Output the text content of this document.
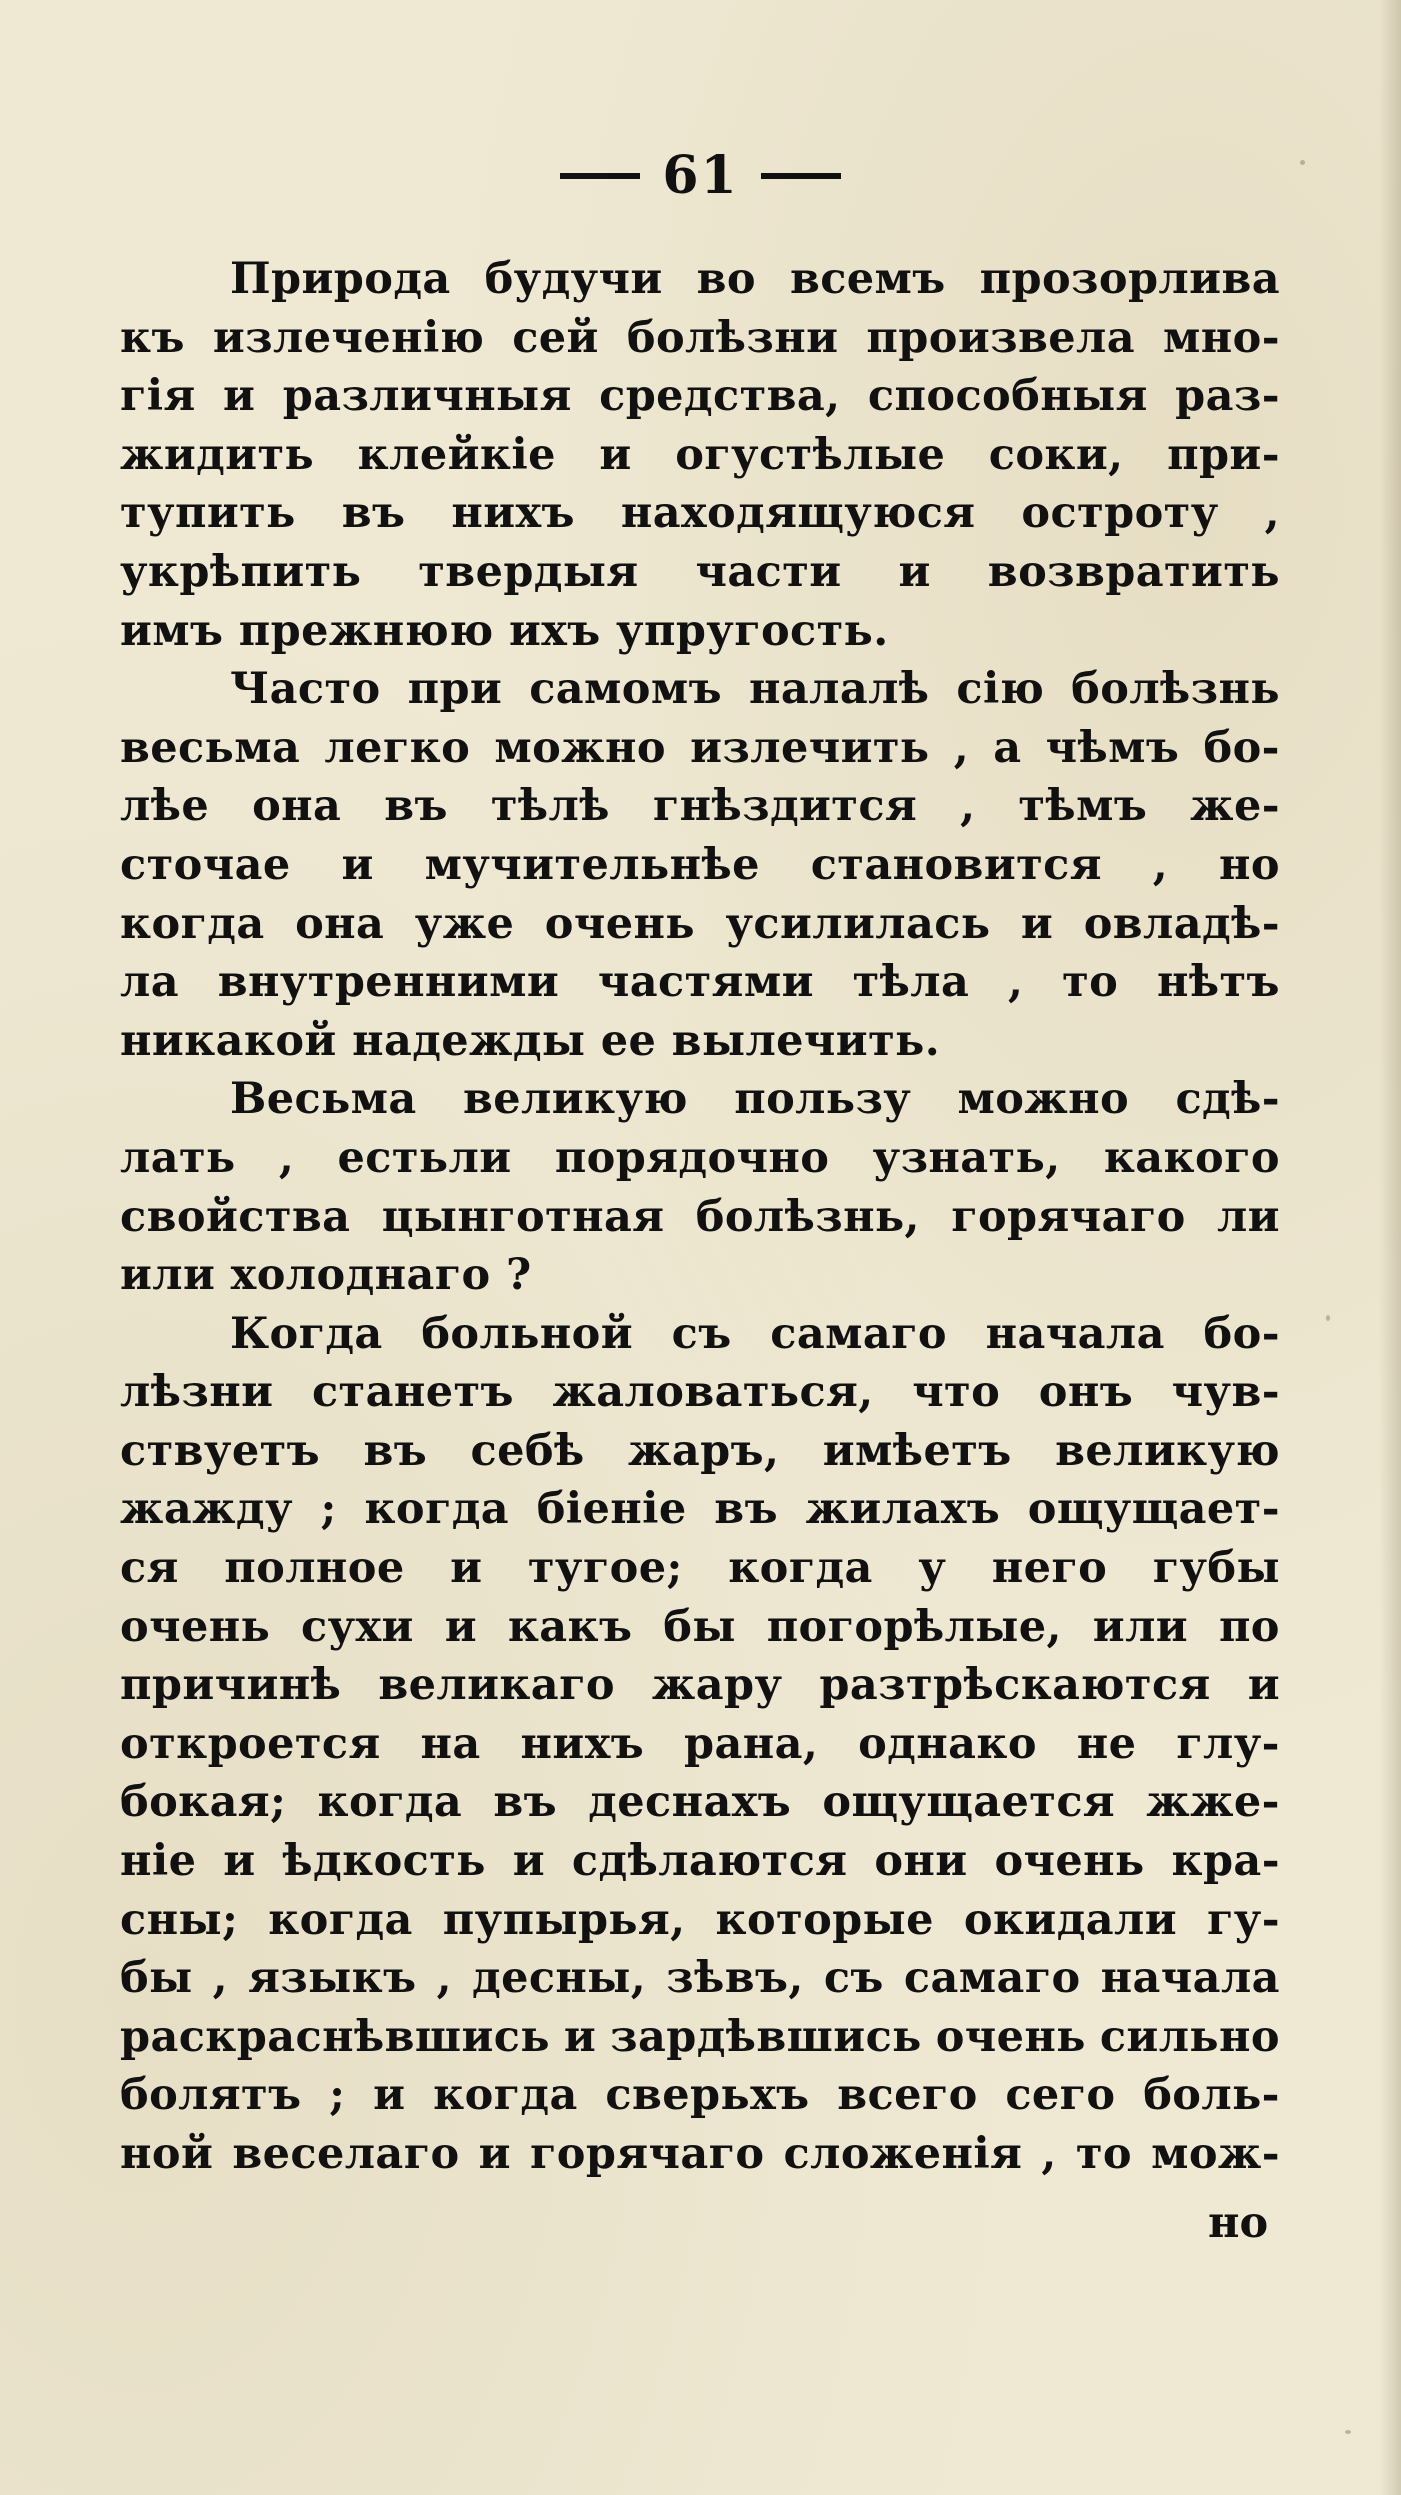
61
Природа будучи во всемъ прозорлива
къ излеченiю сей болѣзни произвела мно-
гiя и различныя средства, способныя раз-
жидить клейкiе и огустѣлые соки, при-
тупить въ нихъ находящуюся остроту ,
укрѣпить твердыя части и возвратить
имъ прежнюю ихъ упругость.
Часто при самомъ налалѣ сiю болѣзнь
весьма легко можно излечить , а чѣмъ бо-
лѣе она въ тѣлѣ гнѣздится , тѣмъ же-
сточае и мучительнѣе становится , но
когда она уже очень усилилась и овладѣ-
ла внутренними частями тѣла , то нѣтъ
никакой надежды ее вылечить.
Весьма великую пользу можно сдѣ-
лать , естьли порядочно узнать, какого
свойства цынготная болѣзнь, горячаго ли
или холоднаго ?
Когда больной съ самаго начала бо-
лѣзни станетъ жаловаться, что онъ чув-
ствуетъ въ себѣ жаръ, имѣетъ великую
жажду ; когда бiенiе въ жилахъ ощущает-
ся полное и тугое; когда у него губы
очень сухи и какъ бы погорѣлые, или по
причинѣ великаго жару разтрѣскаются и
откроется на нихъ рана, однако не глу-
бокая; когда въ деснахъ ощущается жже-
нiе и ѣдкость и сдѣлаются они очень кра-
сны; когда пупырья, которые окидали гу-
бы , языкъ , десны, зѣвъ, съ самаго начала
раскраснѣвшись и зардѣвшись очень сильно
болятъ ; и когда сверьхъ всего сего боль-
ной веселаго и горячаго сложенiя , то мож-
но
